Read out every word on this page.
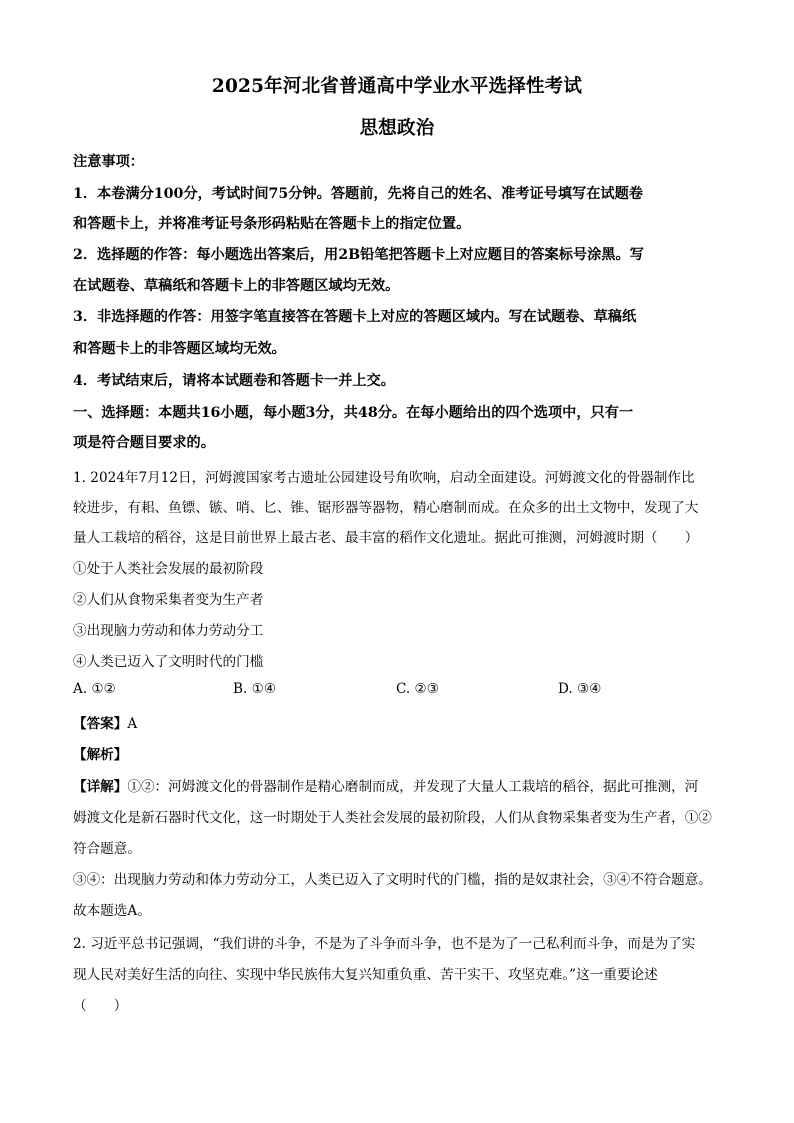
2025年河北省普通高中学业水平选择性考试
思想政治
注意事项：
1．本卷满分100分，考试时间75分钟。答题前，先将自己的姓名、准考证号填写在试题卷
和答题卡上，并将准考证号条形码粘贴在答题卡上的指定位置。
2．选择题的作答：每小题选出答案后，用2B铅笔把答题卡上对应题目的答案标号涂黑。写
在试题卷、草稿纸和答题卡上的非答题区域均无效。
3．非选择题的作答：用签字笔直接答在答题卡上对应的答题区域内。写在试题卷、草稿纸
和答题卡上的非答题区域均无效。
4．考试结束后，请将本试题卷和答题卡一并上交。
一、选择题：本题共16小题，每小题3分，共48分。在每小题给出的四个选项中，只有一
项是符合题目要求的。
1. 2024年7月12日，河姆渡国家考古遗址公园建设号角吹响，启动全面建设。河姆渡文化的骨器制作比
较进步，有耜、鱼镖、镞、哨、匕、锥、锯形器等器物，精心磨制而成。在众多的出土文物中，发现了大
量人工栽培的稻谷，这是目前世界上最古老、最丰富的稻作文化遗址。据此可推测，河姆渡时期（　　）
①处于人类社会发展的最初阶段
②人们从食物采集者变为生产者
③出现脑力劳动和体力劳动分工
④人类已迈入了文明时代的门槛
A. ①②	B. ①④	C. ②③	D. ③④
【答案】A
【解析】
【详解】①②：河姆渡文化的骨器制作是精心磨制而成，并发现了大量人工栽培的稻谷，据此可推测，河
姆渡文化是新石器时代文化，这一时期处于人类社会发展的最初阶段，人们从食物采集者变为生产者，①②
符合题意。
③④：出现脑力劳动和体力劳动分工，人类已迈入了文明时代的门槛，指的是奴隶社会，③④不符合题意。
故本题选A。
2. 习近平总书记强调，“我们讲的斗争，不是为了斗争而斗争，也不是为了一己私利而斗争，而是为了实
现人民对美好生活的向往、实现中华民族伟大复兴知重负重、苦干实干、攻坚克难。”这一重要论述
（　　）
